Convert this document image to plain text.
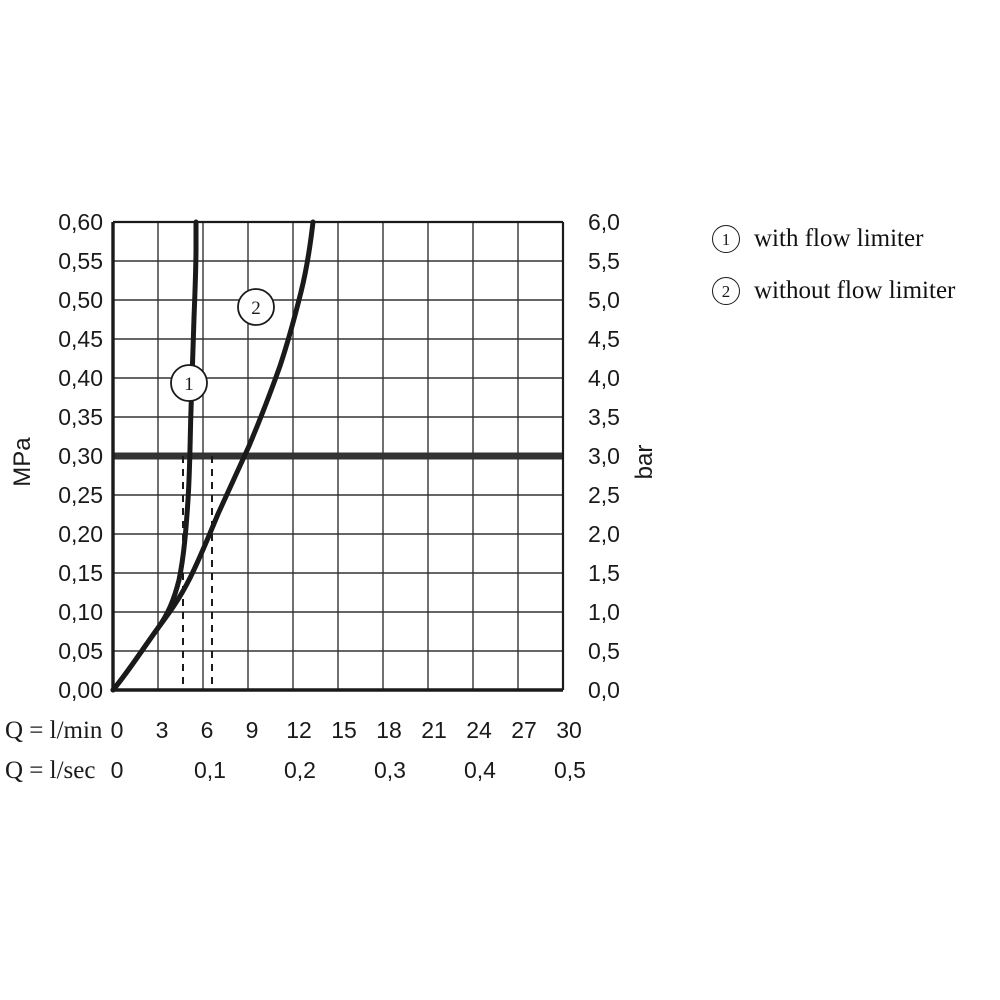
1
2
0,60
0,55
0,50
0,45
0,40
0,35
0,30
0,25
0,20
0,15
0,10
0,05
0,00
6,0
5,5
5,0
4,5
4,0
3,5
3,0
2,5
2,0
1,5
1,0
0,5
0,0
MPa	bar
Q = l/min 0 3 6 9 12 15 18 21 24 27 30
Q = l/sec 0	0,1	0,2	0,3	0,4	0,5
1 with flow limiter
2 without flow limiter
